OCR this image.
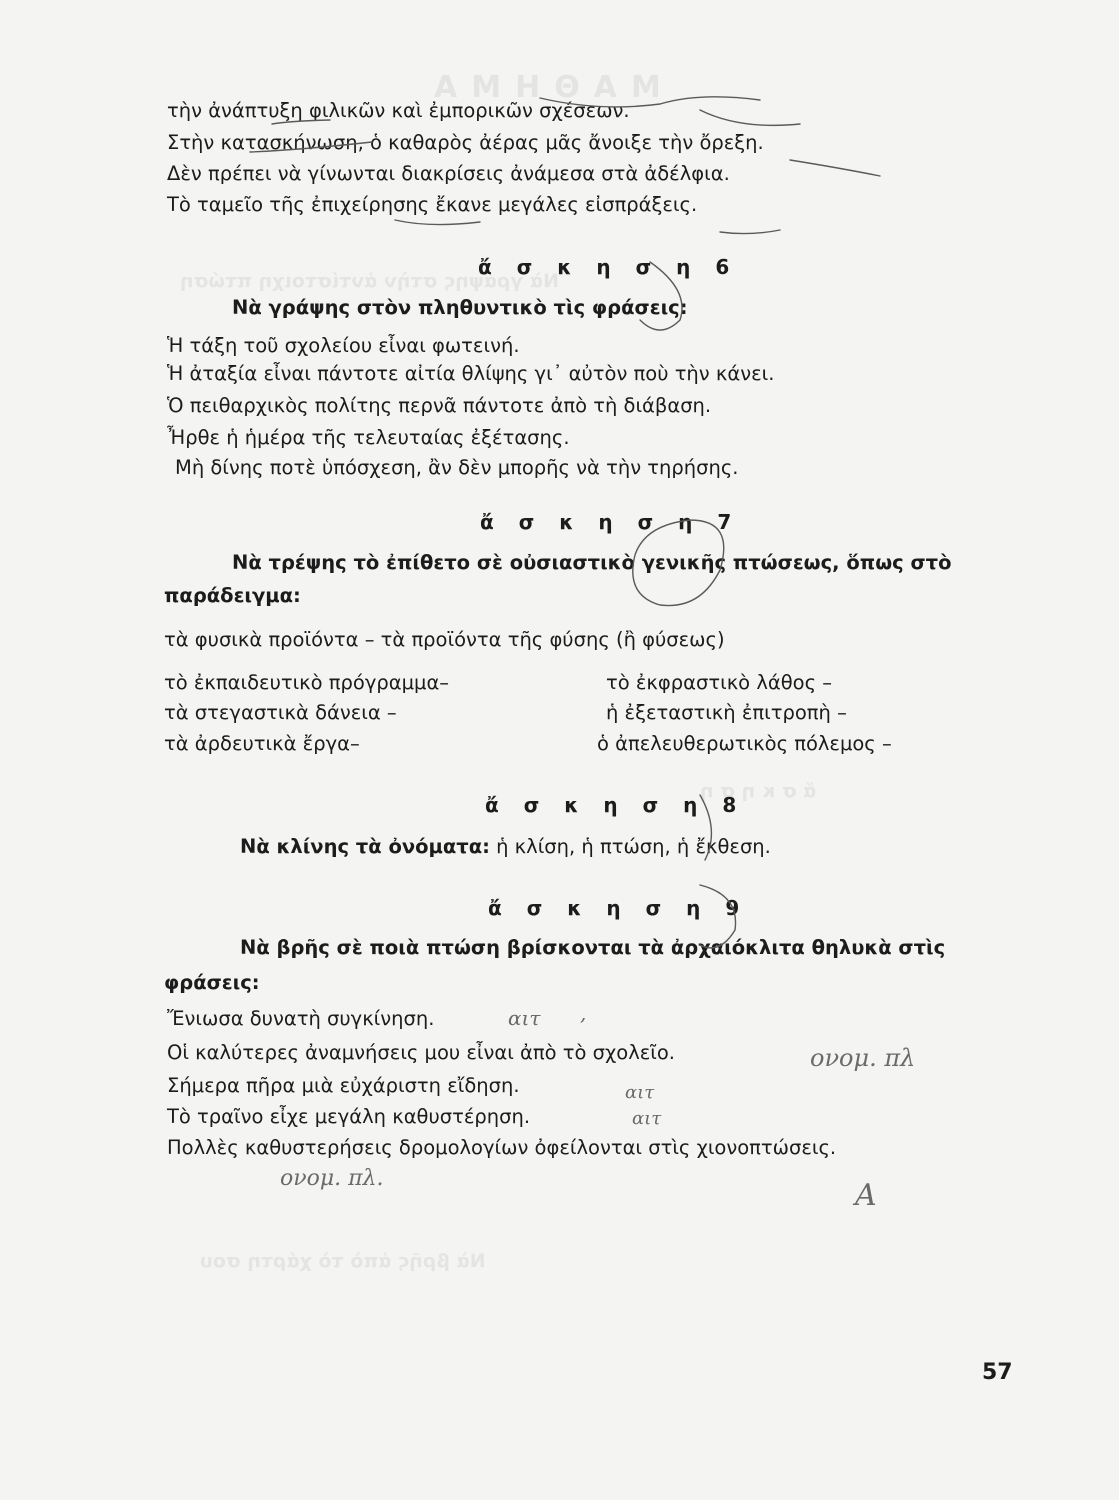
ΜΑΘΗΜΑ
Νὰ γράψης στὴν ἀντίστοιχη πτώση
ἄ σ κ η σ η
Νὰ βρῆς ἀπὸ τὸ χάρτη σου
τὴν ἀνάπτυξη φιλικῶν καὶ ἐμπορικῶν σχέσεων.
Στὴν κατασκήνωση, ὁ καθαρὸς ἀέρας μᾶς ἄνοιξε τὴν ὄρεξη.
Δὲν πρέπει νὰ γίνωνται διακρίσεις ἀνάμεσα στὰ ἀδέλφια.
Τὸ ταμεῖο τῆς ἐπιχείρησης ἔκανε μεγάλες εἰσπράξεις.
ἄ σ κ η σ η 6
Νὰ γράψης στὸν πληθυντικὸ τὶς φράσεις:
Ἡ τάξη τοῦ σχολείου εἶναι φωτεινή.
Ἡ ἀταξία εἶναι πάντοτε αἰτία θλίψης γι᾽ αὐτὸν ποὺ τὴν κάνει.
Ὁ πειθαρχικὸς πολίτης περνᾶ πάντοτε ἀπὸ τὴ διάβαση.
Ἦρθε ἡ ἡμέρα τῆς τελευταίας ἐξέτασης.
Μὴ δίνης ποτὲ ὑπόσχεση, ἂν δὲν μπορῆς νὰ τὴν τηρήσης.
ἄ σ κ η σ η 7
Νὰ τρέψης τὸ ἐπίθετο σὲ οὐσιαστικὸ γενικῆς πτώσεως, ὅπως στὸ
παράδειγμα:
τὰ φυσικὰ προϊόντα – τὰ προϊόντα τῆς φύσης (ἢ φύσεως)
τὸ ἐκπαιδευτικὸ πρόγραμμα–
τὰ στεγαστικὰ δάνεια –
τὰ ἀρδευτικὰ ἔργα–
τὸ ἐκφραστικὸ λάθος –
ἡ ἐξεταστικὴ ἐπιτροπὴ –
ὁ ἀπελευθερωτικὸς πόλεμος –
ἄ σ κ η σ η 8
Νὰ κλίνης τὰ ὀνόματα: ἡ κλίση, ἡ πτώση, ἡ ἔκθεση.
ἄ σ κ η σ η 9
Νὰ βρῆς σὲ ποιὰ πτώση βρίσκονται τὰ ἀρχαιόκλιτα θηλυκὰ στὶς
φράσεις:
Ἔνιωσα δυνατὴ συγκίνηση.
Οἱ καλύτερες ἀναμνήσεις μου εἶναι ἀπὸ τὸ σχολεῖο.
Σήμερα πῆρα μιὰ εὐχάριστη εἴδηση.
Τὸ τραῖνο εἶχε μεγάλη καθυστέρηση.
Πολλὲς καθυστερήσεις δρομολογίων ὀφείλονται στὶς χιονοπτώσεις.
57
αιτ ,
ονομ. πλ
αιτ
αιτ
ονομ. πλ.	Α
